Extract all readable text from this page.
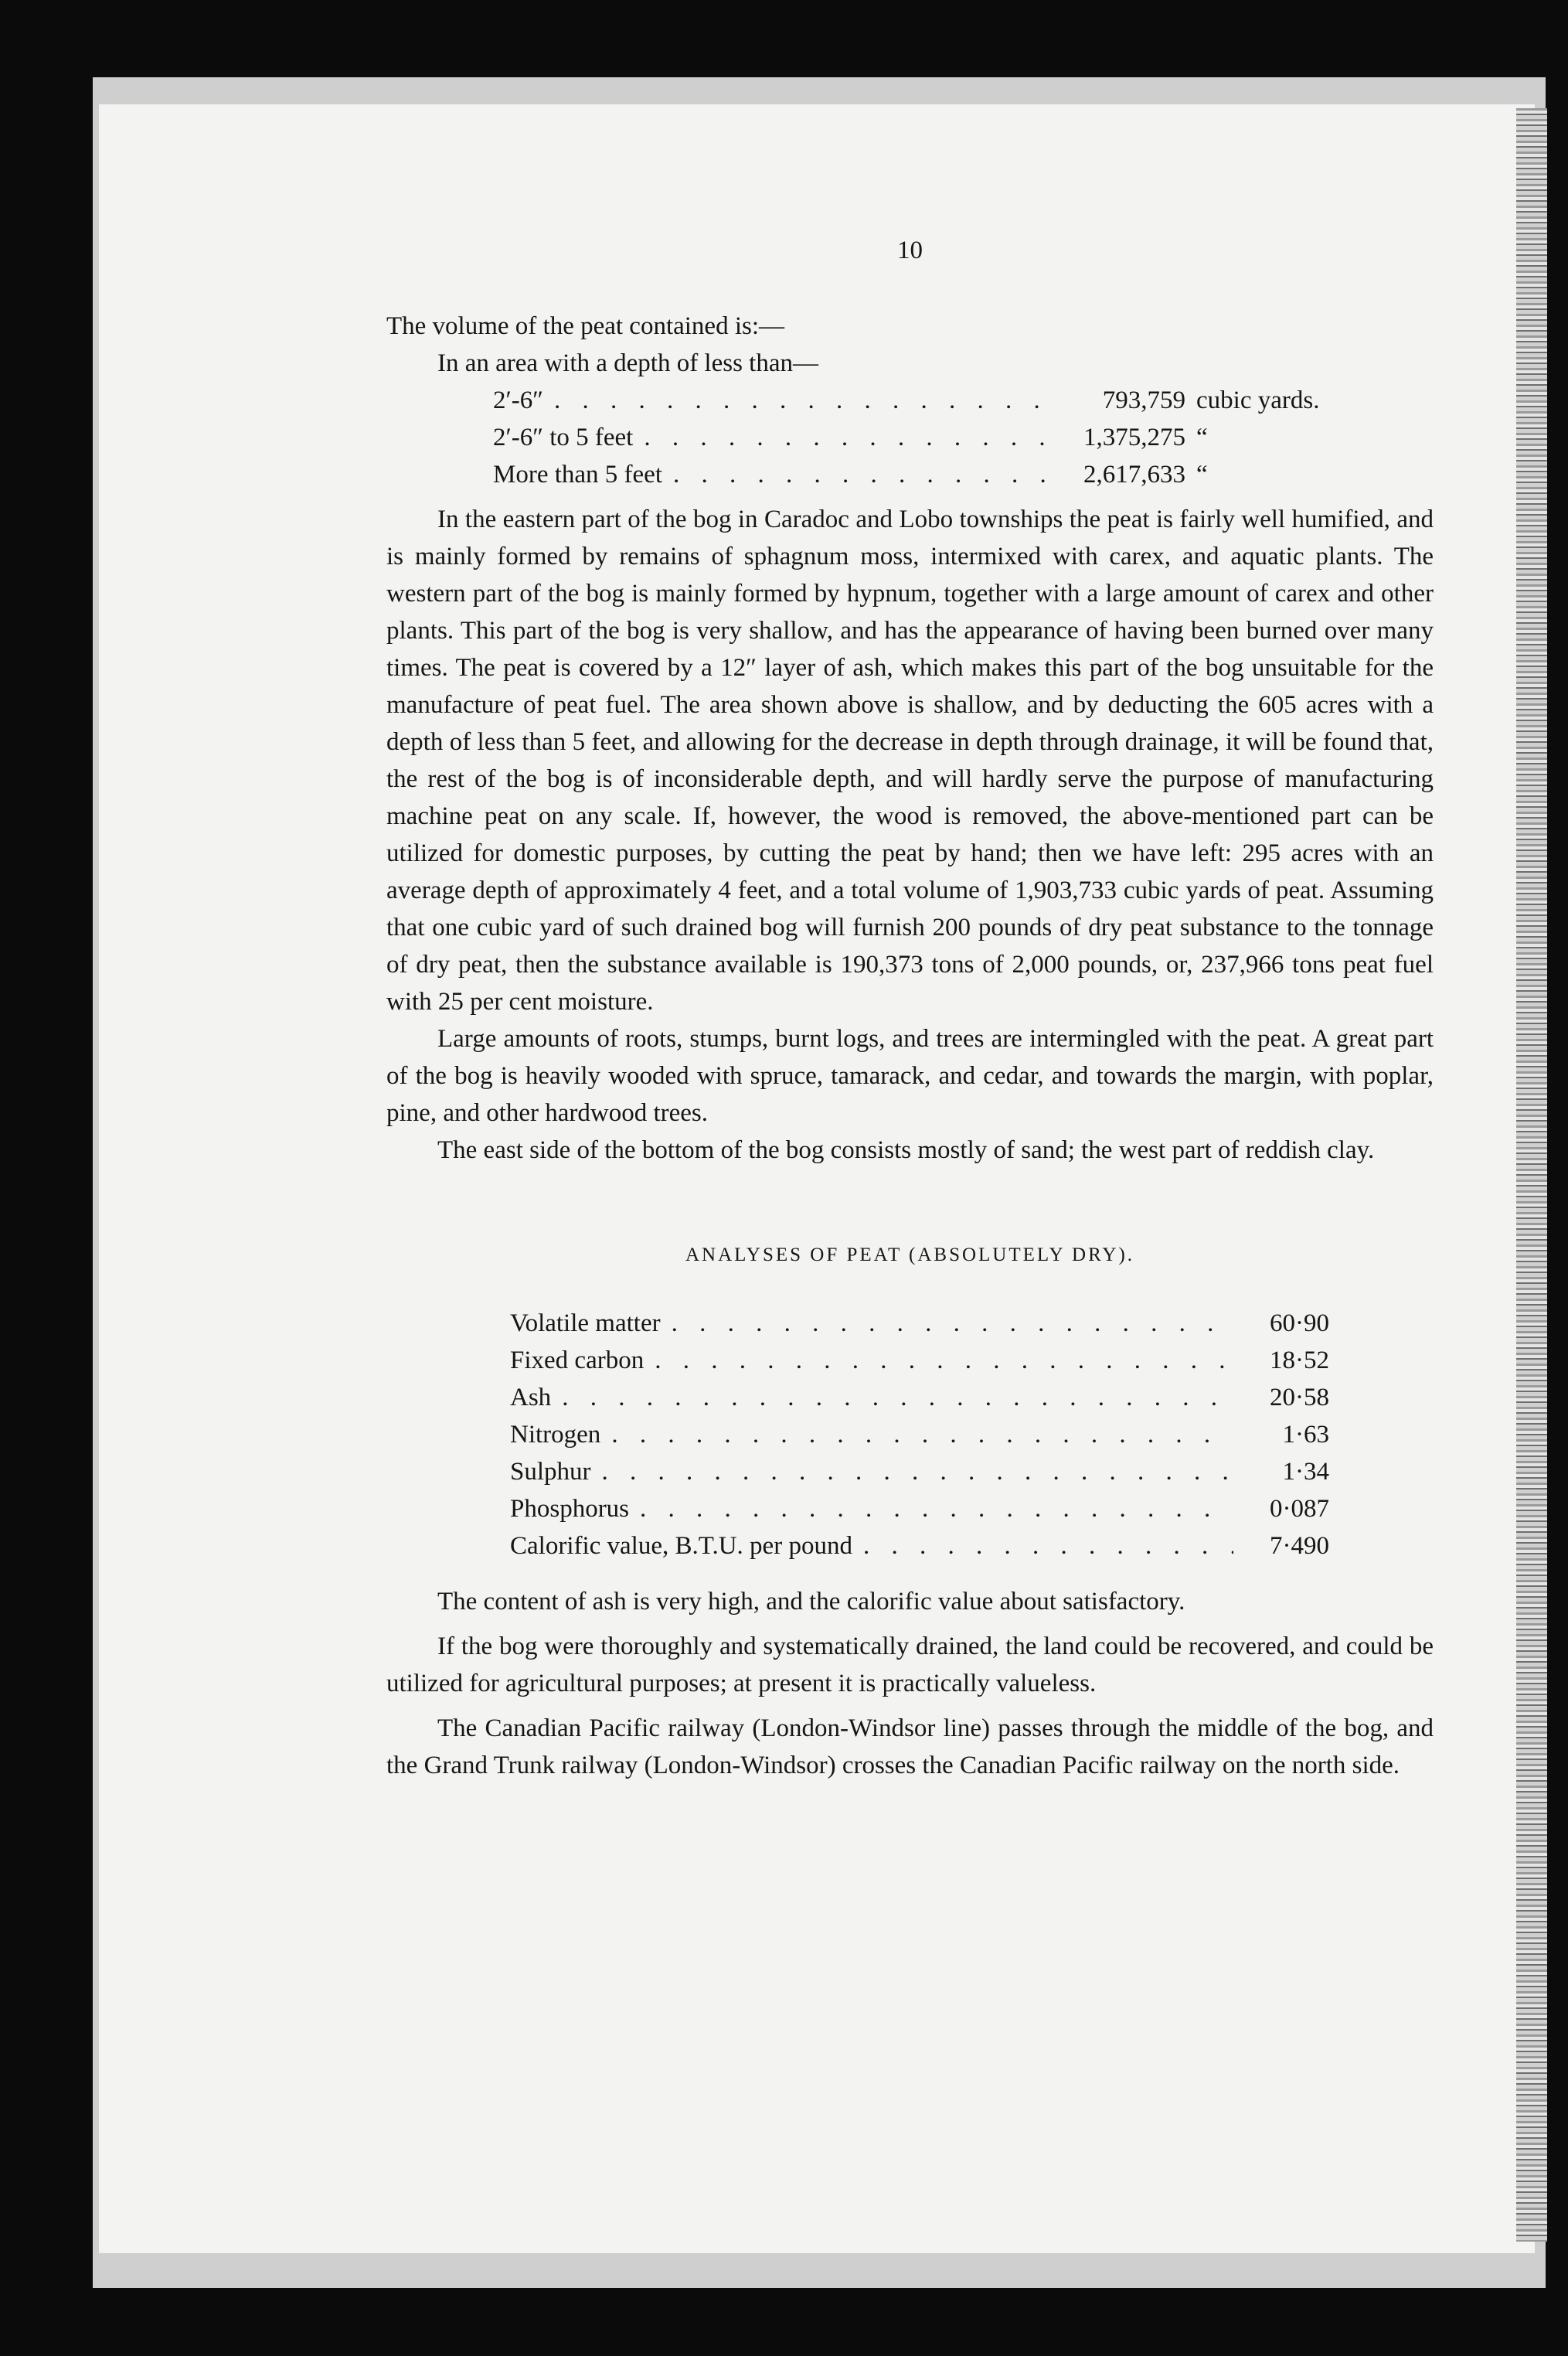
10

The volume of the peat contained is:—

In an area with a depth of less than—

2′-6″ . . .	793,759 cubic yards.
2′-6″ to 5 feet . . .	1,375,275 “
More than 5 feet . . .	2,617,633 “

In the eastern part of the bog in Caradoc and Lobo townships the peat is fairly well humified, and is mainly formed by remains of sphagnum moss, intermixed with carex, and aquatic plants. The western part of the bog is mainly formed by hypnum, together with a large amount of carex and other plants. This part of the bog is very shallow, and has the appearance of having been burned over many times. The peat is covered by a 12″ layer of ash, which makes this part of the bog unsuitable for the manufacture of peat fuel. The area shown above is shallow, and by deducting the 605 acres with a depth of less than 5 feet, and allowing for the decrease in depth through drainage, it will be found that, the rest of the bog is of inconsiderable depth, and will hardly serve the purpose of manufacturing machine peat on any scale. If, however, the wood is removed, the above-mentioned part can be utilized for domestic purposes, by cutting the peat by hand; then we have left: 295 acres with an average depth of approximately 4 feet, and a total volume of 1,903,733 cubic yards of peat. Assuming that one cubic yard of such drained bog will furnish 200 pounds of dry peat substance to the tonnage of dry peat, then the substance available is 190,373 tons of 2,000 pounds, or, 237,966 tons peat fuel with 25 per cent moisture.

Large amounts of roots, stumps, burnt logs, and trees are intermingled with the peat. A great part of the bog is heavily wooded with spruce, tamarack, and cedar, and towards the margin, with poplar, pine, and other hardwood trees.

The east side of the bottom of the bog consists mostly of sand; the west part of reddish clay.

ANALYSES OF PEAT (ABSOLUTELY DRY).
Volatile matter . . .	60·90
Fixed carbon . . .	18·52
Ash . . .	20·58
Nitrogen . . .	1·63
Sulphur . . .	1·34
Phosphorus . . .	0·087
Calorific value, B.T.U. per pound . . .	7·490

The content of ash is very high, and the calorific value about satisfactory.

If the bog were thoroughly and systematically drained, the land could be recovered, and could be utilized for agricultural purposes; at present it is practically valueless.

The Canadian Pacific railway (London-Windsor line) passes through the middle of the bog, and the Grand Trunk railway (London-Windsor) crosses the Canadian Pacific railway on the north side.
